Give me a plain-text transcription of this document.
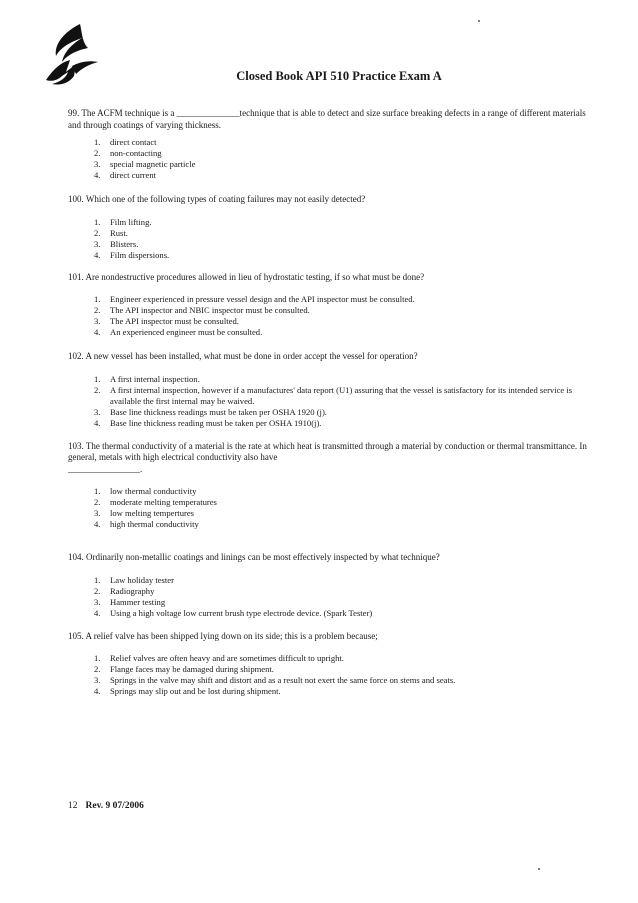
Closed Book API 510 Practice Exam A

99. The ACFM technique is a ______________technique that is able to detect and size surface breaking defects in a range of different materials and through coatings of varying thickness.

1.	direct contact
2.	non-contacting
3.	special magnetic particle
4.	direct current

100. Which one of the following types of coating failures may not easily detected?

1.	Film lifting.
2.	Rust.
3.	Blisters.
4.	Film dispersions.

101. Are nondestructive procedures allowed in lieu of hydrostatic testing, if so what must be done?

1.	Engineer experienced in pressure vessel design and the API inspector must be consulted.
2.	The API inspector and NBIC inspector must be consulted.
3.	The API inspector must be consulted.
4.	An experienced engineer must be consulted.

102. A new vessel has been installed, what must be done in order accept the vessel for operation?

1.	A first internal inspection.
2.	A first internal inspection, however if a manufactures' data report (U1) assuring that the vessel is satisfactory for its intended service is available the first internal may be waived.
3.	Base line thickness readings must be taken per OSHA 1920 (j).
4.	Base line thickness reading must be taken per OSHA 1910(j).

103. The thermal conductivity of a material is the rate at which heat is transmitted through a material by conduction or thermal transmittance. In general, metals with high electrical conductivity also have

________________.

1.	low thermal conductivity
2.	moderate melting temperatures
3.	low melting tempertures
4.	high thermal conductivity

104. Ordinarily non-metallic coatings and linings can be most effectively inspected by what technique?

1.	Law holiday tester
2.	Radiography
3.	Hammer testing
4.	Using a high voltage low current brush type electrode device. (Spark Tester)

105. A relief valve has been shipped lying down on its side; this is a problem because;

1.	Relief valves are often heavy and are sometimes difficult to upright.
2.	Flange faces may be damaged during shipment.
3.	Springs in the valve may shift and distort and as a result not exert the same force on stems and seats.
4.	Springs may slip out and be lost during shipment.
12 Rev. 9 07/2006
